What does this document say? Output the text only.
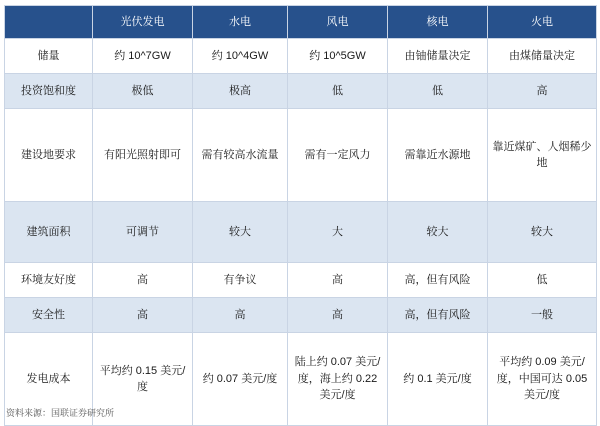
	光伏发电	水电	风电	核电	火电
储量	约 10^7GW	约 10^4GW	约 10^5GW	由铀储量决定	由煤储量决定
投资饱和度	极低	极高	低	低	高
建设地要求	有阳光照射即可	需有较高水流量	需有一定风力	需靠近水源地	靠近煤矿、人烟稀少地
建筑面积	可调节	较大	大	较大	较大
环境友好度	高	有争议	高	高，但有风险	低
安全性	高	高	高	高，但有风险	一般
发电成本	平均约 0.15 美元/度	约 0.07 美元/度	陆上约 0.07 美元/度，海上约 0.22 美元/度	约 0.1 美元/度	平均约 0.09 美元/度，中国可达 0.05 美元/度
资料来源：国联证券研究所
